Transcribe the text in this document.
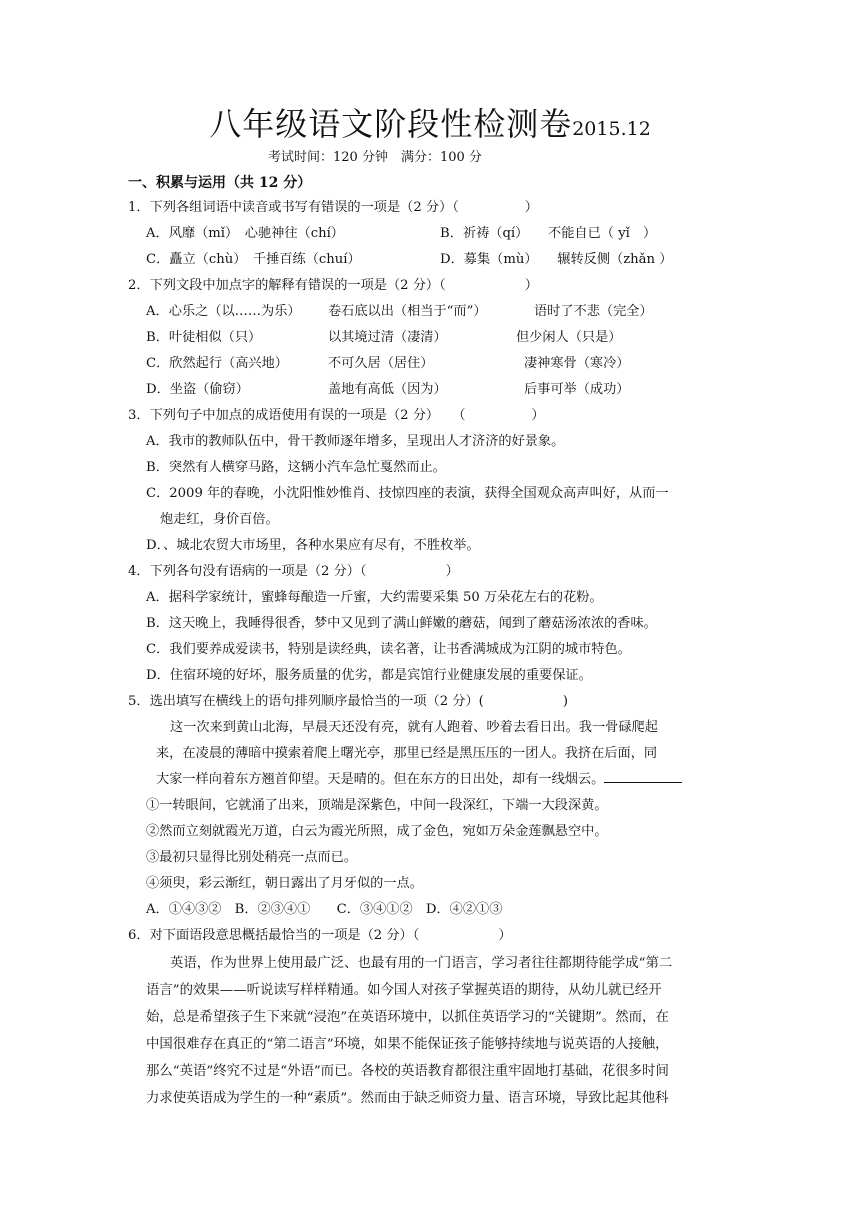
八年级语文阶段性检测卷2015.12
考试时间：120 分钟　满分：100 分
一、积累与运用（共 12 分）
1．下列各组词语中读音或书写有错误的一项是（2 分）（　　　　　）
A．风靡（mǐ）　心驰神往（chí）	B．祈祷（qí）　　不能自已（ yǐ　）
C．矗立（chù）　千捶百练（chuí）	D．募集（mù）　　辗转反侧（zhǎn ）
2．下列文段中加点字的解释有错误的一项是（2 分）（　　　　　　）
A．心乐之（以……为乐） 卷石底以出（相当于“而”）	语时了不悲（完全）
B．叶徒相似（只）	以其境过清（凄清）	但少闲人（只是）
C．欣然起行（高兴地）	不可久居（居住）	凄神寒骨（寒冷）
D．坐盗（偷窃）	盖地有高低（因为）	后事可举（成功）
3．下列句子中加点的成语使用有误的一项是（2 分）　　（　　　　　）
A．我市的教师队伍中，骨干教师逐年增多，呈现出人才济济的好景象。
B．突然有人横穿马路，这辆小汽车急忙戛然而止。
C．2009 年的春晚，小沈阳惟妙惟肖、技惊四座的表演，获得全国观众高声叫好，从而一
炮走红，身价百倍。
D．、城北农贸大市场里，各种水果应有尽有，不胜枚举。
4．下列各句没有语病的一项是（2 分）（　　　　　　）
A．据科学家统计，蜜蜂每酿造一斤蜜，大约需要采集 50 万朵花左右的花粉。
B．这天晚上，我睡得很香，梦中又见到了满山鲜嫩的蘑菇，闻到了蘑菇汤浓浓的香味。
C．我们要养成爱读书，特别是读经典，读名著，让书香满城成为江阴的城市特色。
D．住宿环境的好坏，服务质量的优劣，都是宾馆行业健康发展的重要保证。
5．选出填写在横线上的语句排列顺序最恰当的一项（2 分）(　　　　　　)
这一次来到黄山北海，早晨天还没有亮，就有人跑着、吵着去看日出。我一骨碌爬起
来，在凌晨的薄暗中摸索着爬上曙光亭，那里已经是黑压压的一团人。我挤在后面，同
大家一样向着东方翘首仰望。天是晴的。但在东方的日出处，却有一线烟云。
①一转眼间，它就涌了出来，顶端是深紫色，中间一段深红，下端一大段深黄。
②然而立刻就霞光万道，白云为霞光所照，成了金色，宛如万朵金莲飘悬空中。
③最初只显得比别处稍亮一点而已。
④须臾，彩云渐红，朝日露出了月牙似的一点。
A．①④③②　B．②③④①　　C．③④①②　D．④②①③
6．对下面语段意思概括最恰当的一项是（2 分）（　　　　　　）
英语，作为世界上使用最广泛、也最有用的一门语言，学习者往往都期待能学成“第二
语言”的效果——听说读写样样精通。如今国人对孩子掌握英语的期待，从幼儿就已经开
始，总是希望孩子生下来就“浸泡”在英语环境中，以抓住英语学习的“关键期”。然而，在
中国很难存在真正的“第二语言”环境，如果不能保证孩子能够持续地与说英语的人接触，
那么“英语”终究不过是“外语”而已。各校的英语教育都很注重牢固地打基础，花很多时间
力求使英语成为学生的一种“素质”。然而由于缺乏师资力量、语言环境，导致比起其他科
